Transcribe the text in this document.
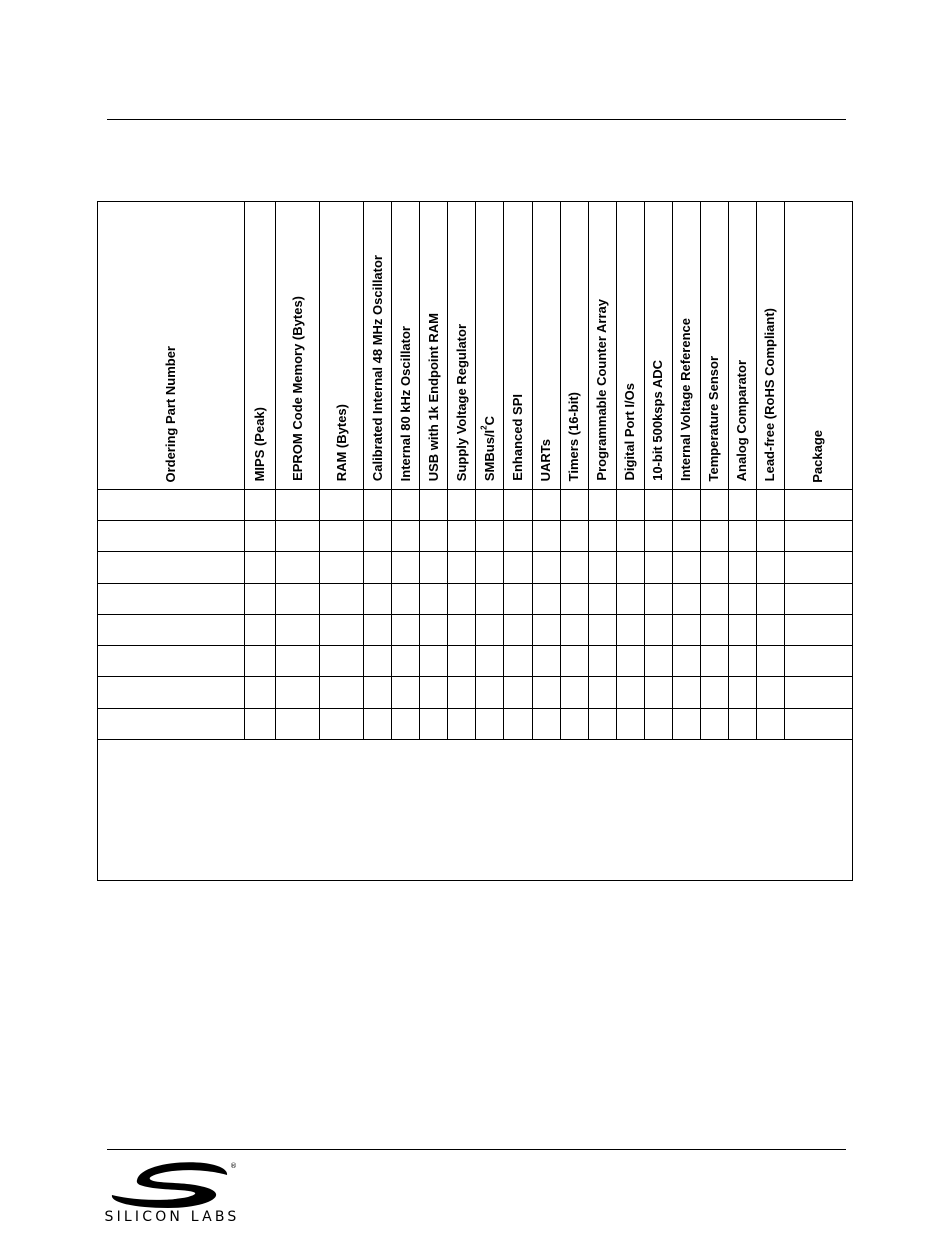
Ordering Part Number	MIPS (Peak)	EPROM Code Memory (Bytes)	RAM (Bytes)	Calibrated Internal 48 MHz Oscillator	Internal 80 kHz Oscillator	USB with 1k Endpoint RAM	Supply Voltage Regulator	SMBus/$I^2C$	Enhanced SPI	UARTs	Timers (16-bit)	Programmable Counter Array	Digital Port I/Os	10-bit 500ksps ADC	Internal Voltage Reference	Temperature Sensor	Analog Comparator	Lead-free (RoHS Compliant)	Package

®
SILICON LABS
